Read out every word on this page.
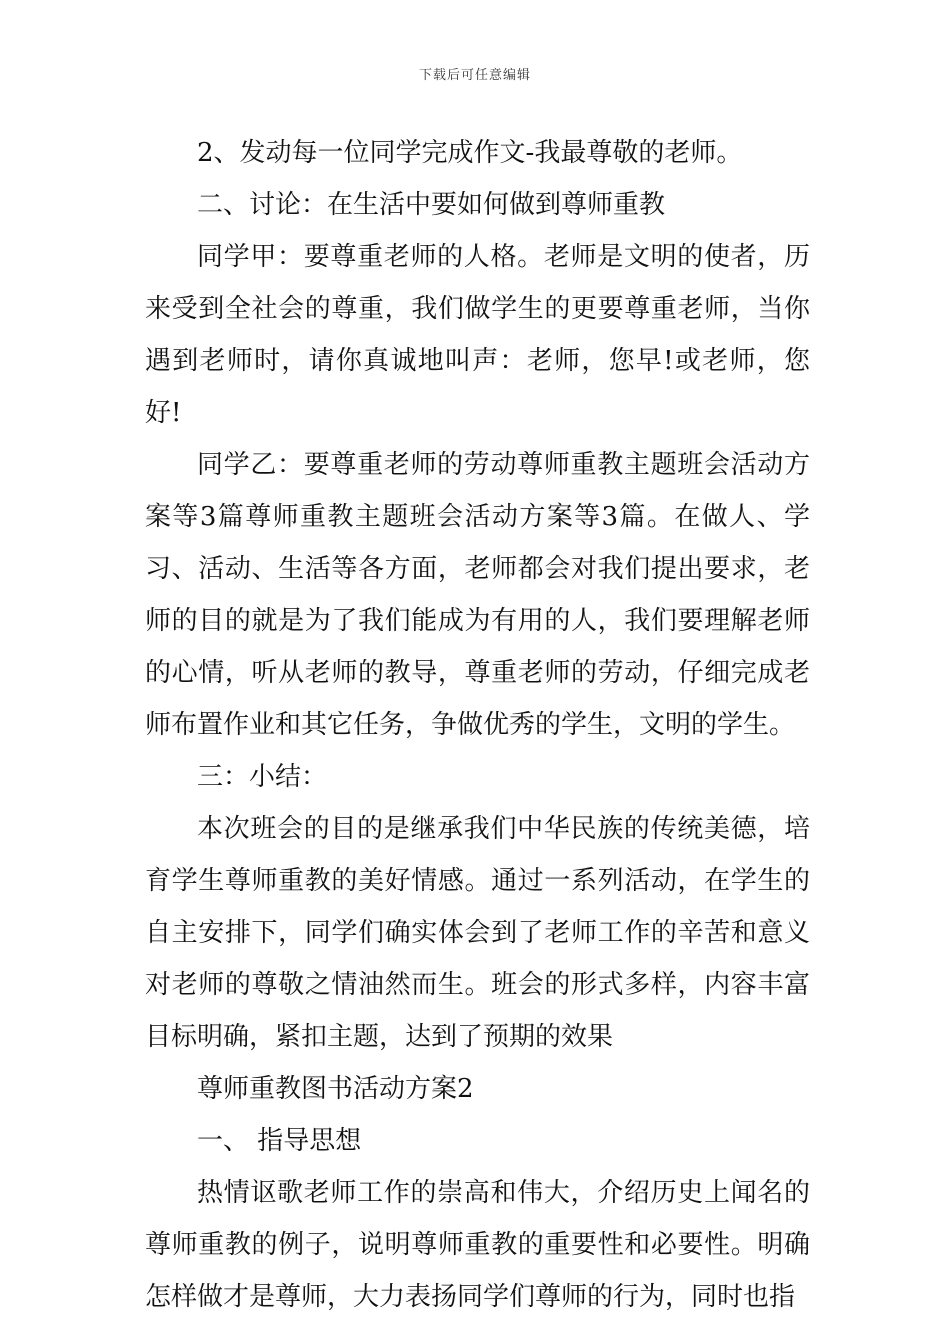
下载后可任意编辑

2、发动每一位同学完成作文-我最尊敬的老师。

二、讨论：在生活中要如何做到尊师重教

同学甲：要尊重老师的人格。老师是文明的使者，历来受到全社会的尊重，我们做学生的更要尊重老师，当你遇到老师时，请你真诚地叫声：老师，您早!或老师，您好!

同学乙：要尊重老师的劳动尊师重教主题班会活动方案等3篇尊师重教主题班会活动方案等3篇。在做人、学习、活动、生活等各方面，老师都会对我们提出要求，老师的目的就是为了我们能成为有用的人，我们要理解老师的心情，听从老师的教导，尊重老师的劳动，仔细完成老师布置作业和其它任务，争做优秀的学生，文明的学生。

三：小结：

本次班会的目的是继承我们中华民族的传统美德，培育学生尊师重教的美好情感。通过一系列活动，在学生的自主安排下，同学们确实体会到了老师工作的辛苦和意义对老师的尊敬之情油然而生。班会的形式多样，内容丰富目标明确，紧扣主题，达到了预期的效果

尊师重教图书活动方案2

一、 指导思想

热情讴歌老师工作的崇高和伟大，介绍历史上闻名的尊师重教的例子，说明尊师重教的重要性和必要性。明确怎样做才是尊师，大力表扬同学们尊师的行为，同时也指
